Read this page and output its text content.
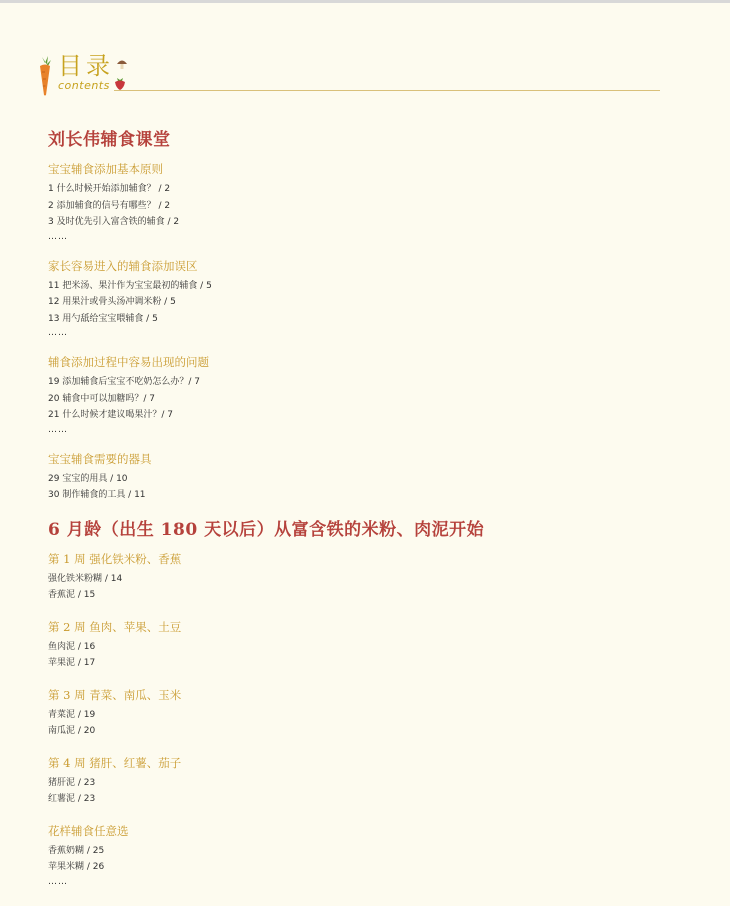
目录
contents
刘长伟辅食课堂
宝宝辅食添加基本原则
1 什么时候开始添加辅食？ / 2
2 添加辅食的信号有哪些？ / 2
3 及时优先引入富含铁的辅食 / 2
……
家长容易进入的辅食添加误区
11 把米汤、果汁作为宝宝最初的辅食 / 5
12 用果汁或骨头汤冲调米粉 / 5
13 用勺舐给宝宝喂辅食 / 5
……
辅食添加过程中容易出现的问题
19 添加辅食后宝宝不吃奶怎么办？/ 7
20 辅食中可以加糖吗？/ 7
21 什么时候才建议喝果汁？/ 7
……
宝宝辅食需要的器具
29 宝宝的用具 / 10
30 制作辅食的工具 / 11
6 月龄（出生 180 天以后）从富含铁的米粉、肉泥开始
第 1 周 强化铁米粉、香蕉
强化铁米粉糊 / 14
香蕉泥 / 15
第 2 周 鱼肉、苹果、土豆
鱼肉泥 / 16
苹果泥 / 17
第 3 周 青菜、南瓜、玉米
青菜泥 / 19
南瓜泥 / 20
第 4 周 猪肝、红薯、茄子
猪肝泥 / 23
红薯泥 / 23
花样辅食任意选
香蕉奶糊 / 25
苹果米糊 / 26
……
